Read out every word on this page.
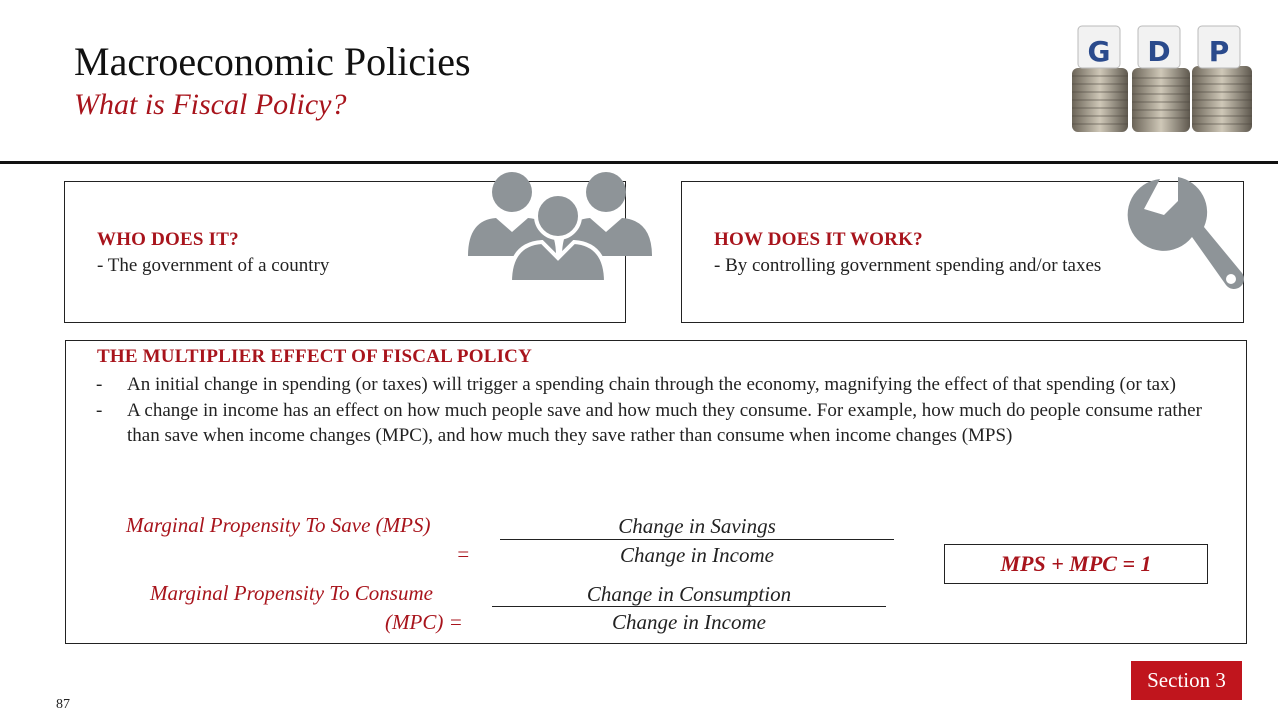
Macroeconomic Policies
What is Fiscal Policy?
G D P
WHO DOES IT?
- The government of a country
HOW DOES IT WORK?
- By controlling government spending and/or taxes
THE MULTIPLIER EFFECT OF FISCAL POLICY
- An initial change in spending (or taxes) will trigger a spending chain through the economy, magnifying the effect of that spending (or tax)
- A change in income has an effect on how much people save and how much they consume. For example, how much do people consume rather than save when income changes (MPC), and how much they save rather than consume when income changes (MPS)
Marginal Propensity To Save (MPS)
=
Change in Savings
Change in Income
Marginal Propensity To Consume
(MPC) =
Change in Consumption
Change in Income
MPS + MPC = 1
Section 3
87
